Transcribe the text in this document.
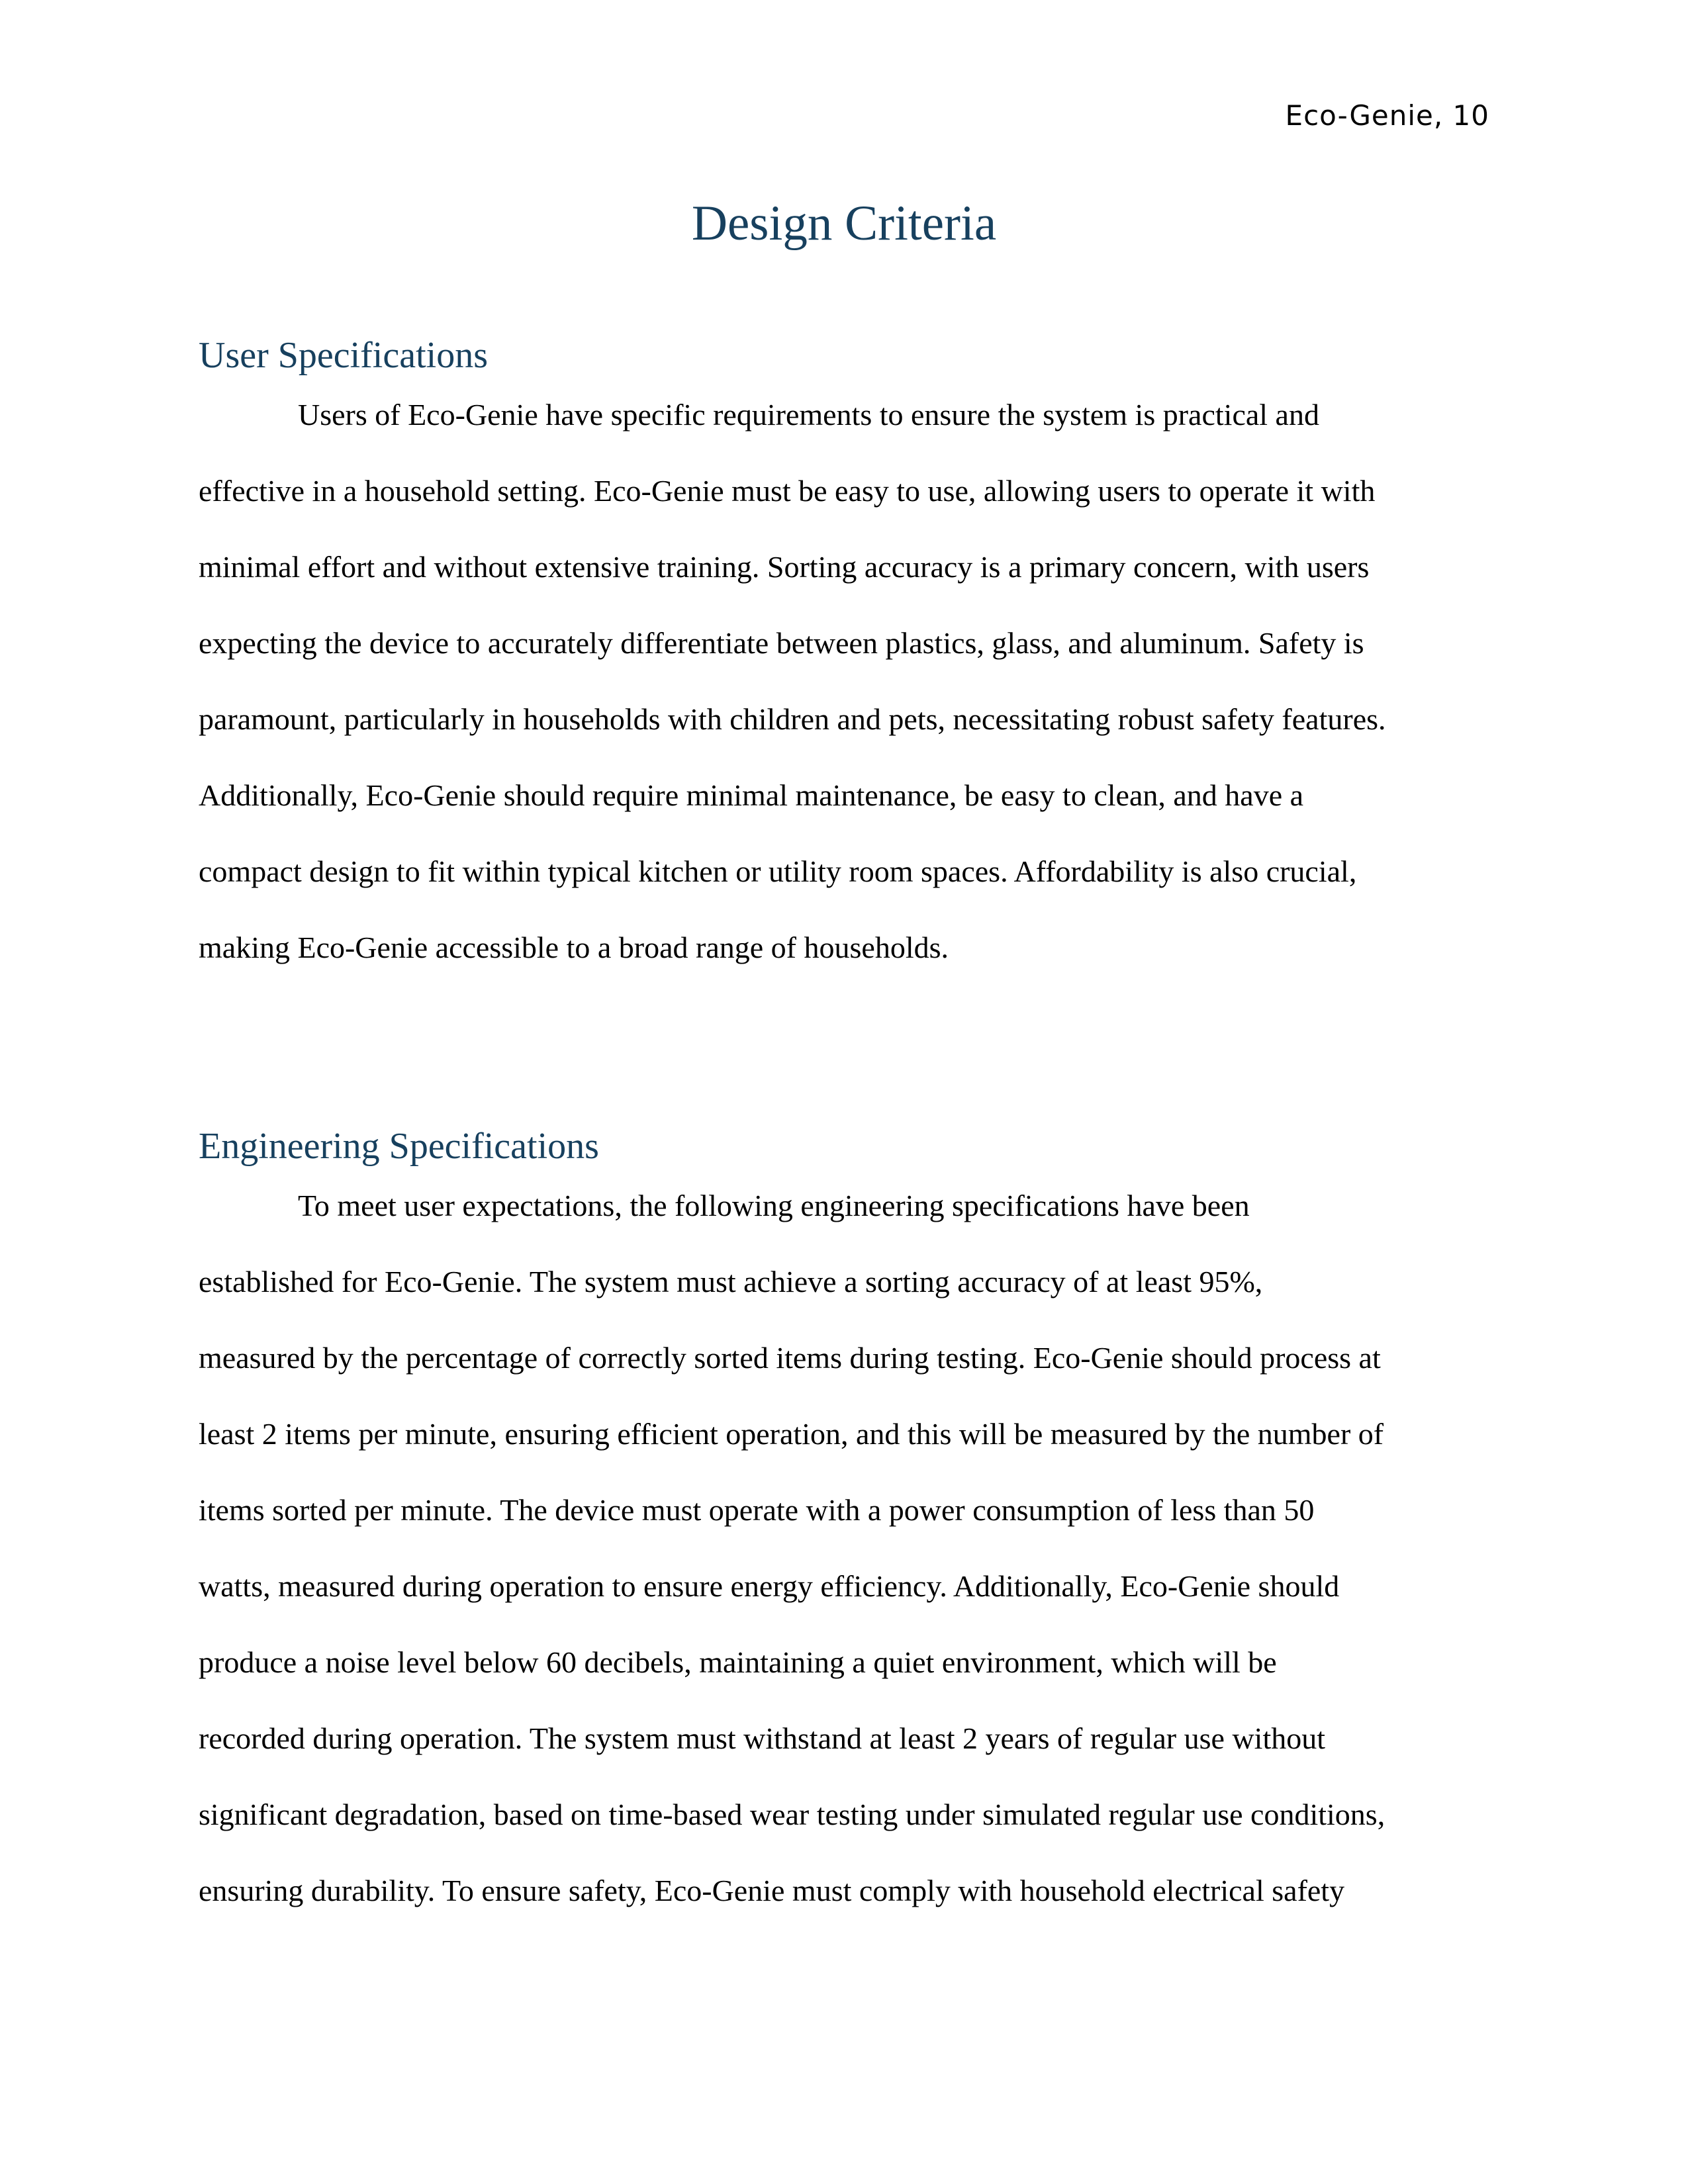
Eco-Genie, 10
Design Criteria
User Specifications

Users of Eco-Genie have specific requirements to ensure the system is practical and

effective in a household setting. Eco-Genie must be easy to use, allowing users to operate it with

minimal effort and without extensive training. Sorting accuracy is a primary concern, with users

expecting the device to accurately differentiate between plastics, glass, and aluminum. Safety is

paramount, particularly in households with children and pets, necessitating robust safety features.

Additionally, Eco-Genie should require minimal maintenance, be easy to clean, and have a

compact design to fit within typical kitchen or utility room spaces. Affordability is also crucial,

making Eco-Genie accessible to a broad range of households.

Engineering Specifications

To meet user expectations, the following engineering specifications have been

established for Eco-Genie. The system must achieve a sorting accuracy of at least 95%,

measured by the percentage of correctly sorted items during testing. Eco-Genie should process at

least 2 items per minute, ensuring efficient operation, and this will be measured by the number of

items sorted per minute. The device must operate with a power consumption of less than 50

watts, measured during operation to ensure energy efficiency. Additionally, Eco-Genie should

produce a noise level below 60 decibels, maintaining a quiet environment, which will be

recorded during operation. The system must withstand at least 2 years of regular use without

significant degradation, based on time-based wear testing under simulated regular use conditions,

ensuring durability. To ensure safety, Eco-Genie must comply with household electrical safety
